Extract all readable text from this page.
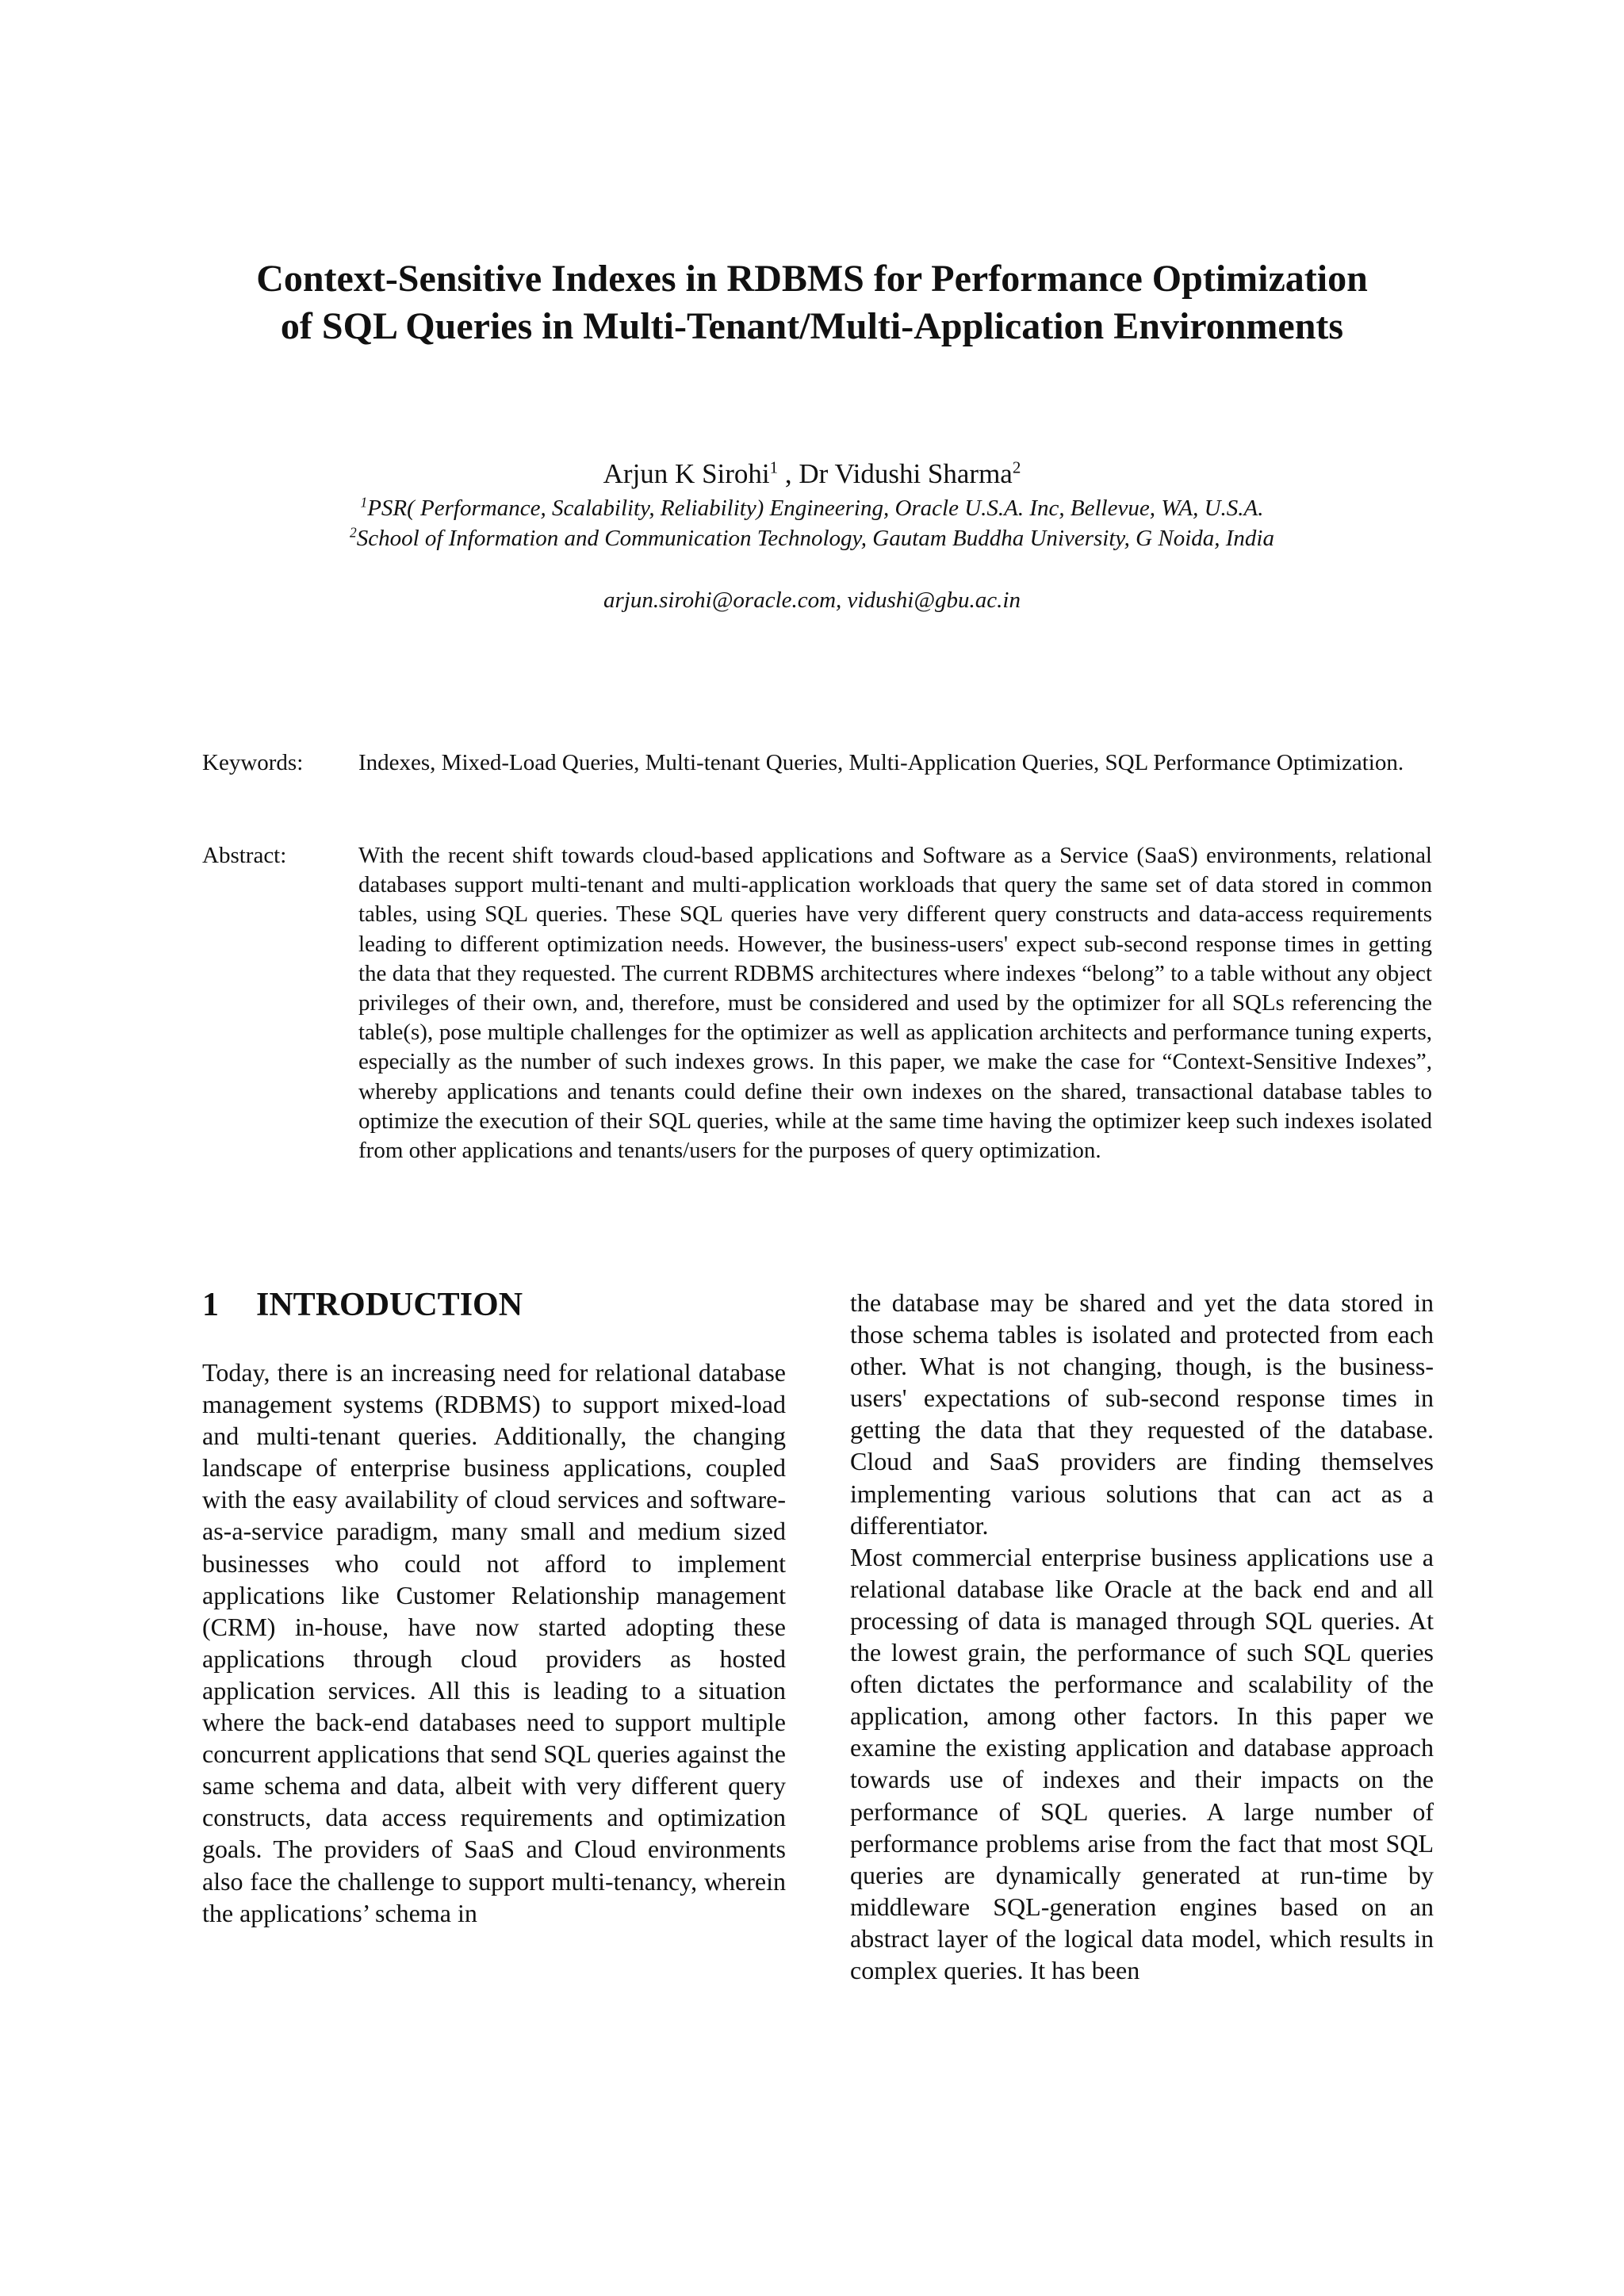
Context-Sensitive Indexes in RDBMS for Performance Optimization
of SQL Queries in Multi-Tenant/Multi-Application Environments

Arjun K Sirohi$^1$ , Dr Vidushi Sharma$^2$

$^1$PSR( Performance, Scalability, Reliability) Engineering, Oracle U.S.A. Inc, Bellevue, WA, U.S.A.

$^2$School of Information and Communication Technology, Gautam Buddha University, G Noida, India

arjun.sirohi@oracle.com, vidushi@gbu.ac.in

Keywords: Indexes, Mixed-Load Queries, Multi-tenant Queries, Multi-Application Queries, SQL Performance Optimization.

Abstract:	With the recent shift towards cloud-based applications and Software as a Service (SaaS) environments, relational databases support multi-tenant and multi-application workloads that query the same set of data stored in common tables, using SQL queries. These SQL queries have very different query constructs and data-access requirements leading to different optimization needs. However, the business-users' expect sub-second response times in getting the data that they requested. The current RDBMS architectures where indexes “belong” to a table without any object privileges of their own, and, therefore, must be considered and used by the optimizer for all SQLs referencing the table(s), pose multiple challenges for the optimizer as well as application architects and performance tuning experts, especially as the number of such indexes grows. In this paper, we make the case for “Context-Sensitive Indexes”, whereby applications and tenants could define their own indexes on the shared, transactional database tables to optimize the execution of their SQL queries, while at the same time having the optimizer keep such indexes isolated from other applications and tenants/users for the purposes of query optimization.

1 INTRODUCTION

Today, there is an increasing need for relational database management systems (RDBMS) to support mixed-load and multi-tenant queries. Additionally, the changing landscape of enterprise business applications, coupled with the easy availability of cloud services and software-as-a-service paradigm, many small and medium sized businesses who could not afford to implement applications like Customer Relationship management (CRM) in-house, have now started adopting these applications through cloud providers as hosted application services. All this is leading to a situation where the back-end databases need to support multiple concurrent applications that send SQL queries against the same schema and data, albeit with very different query constructs, data access requirements and optimization goals. The providers of SaaS and Cloud environments also face the challenge to support multi-tenancy, wherein the applications’ schema in

the database may be shared and yet the data stored in those schema tables is isolated and protected from each other. What is not changing, though, is the business-users' expectations of sub-second response times in getting the data that they requested of the database. Cloud and SaaS providers are finding themselves implementing various solutions that can act as a differentiator.

Most commercial enterprise business applications use a relational database like Oracle at the back end and all processing of data is managed through SQL queries. At the lowest grain, the performance of such SQL queries often dictates the performance and scalability of the application, among other factors. In this paper we examine the existing application and database approach towards use of indexes and their impacts on the performance of SQL queries. A large number of performance problems arise from the fact that most SQL queries are dynamically generated at run-time by middleware SQL-generation engines based on an abstract layer of the logical data model, which results in complex queries. It has been
